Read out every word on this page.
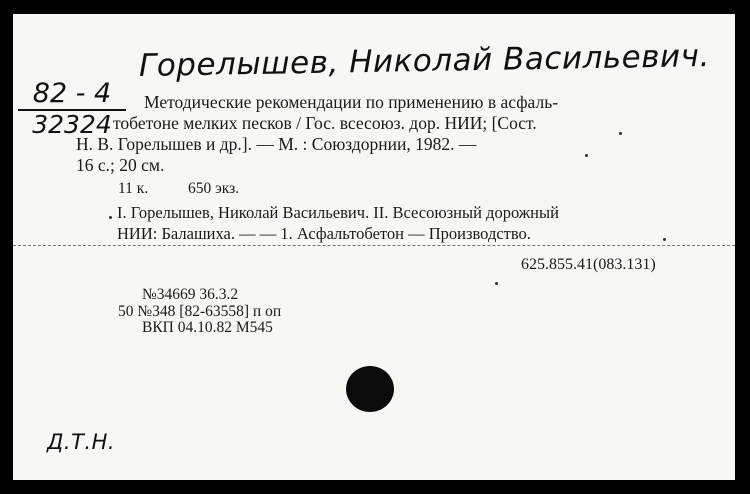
Горелышев, Николай Васильевич.
82 - 4
32324
Методические рекомендации по применению в асфаль-
тобетоне мелких песков / Гос. всесоюз. дор. НИИ; [Сост.
Н. В. Горелышев и др.]. — М. : Союздорнии, 1982. —
16 с.; 20 см.
11 к.	650 экз.
I. Горелышев, Николай Васильевич. II. Всесоюзный дорожный
НИИ: Балашиха. — — 1. Асфальтобетон — Производство.
625.855.41(083.131)
№34669 36.3.2
50 №348 [82-63558] п оп
ВКП 04.10.82 М545
Д.Т.Н.
